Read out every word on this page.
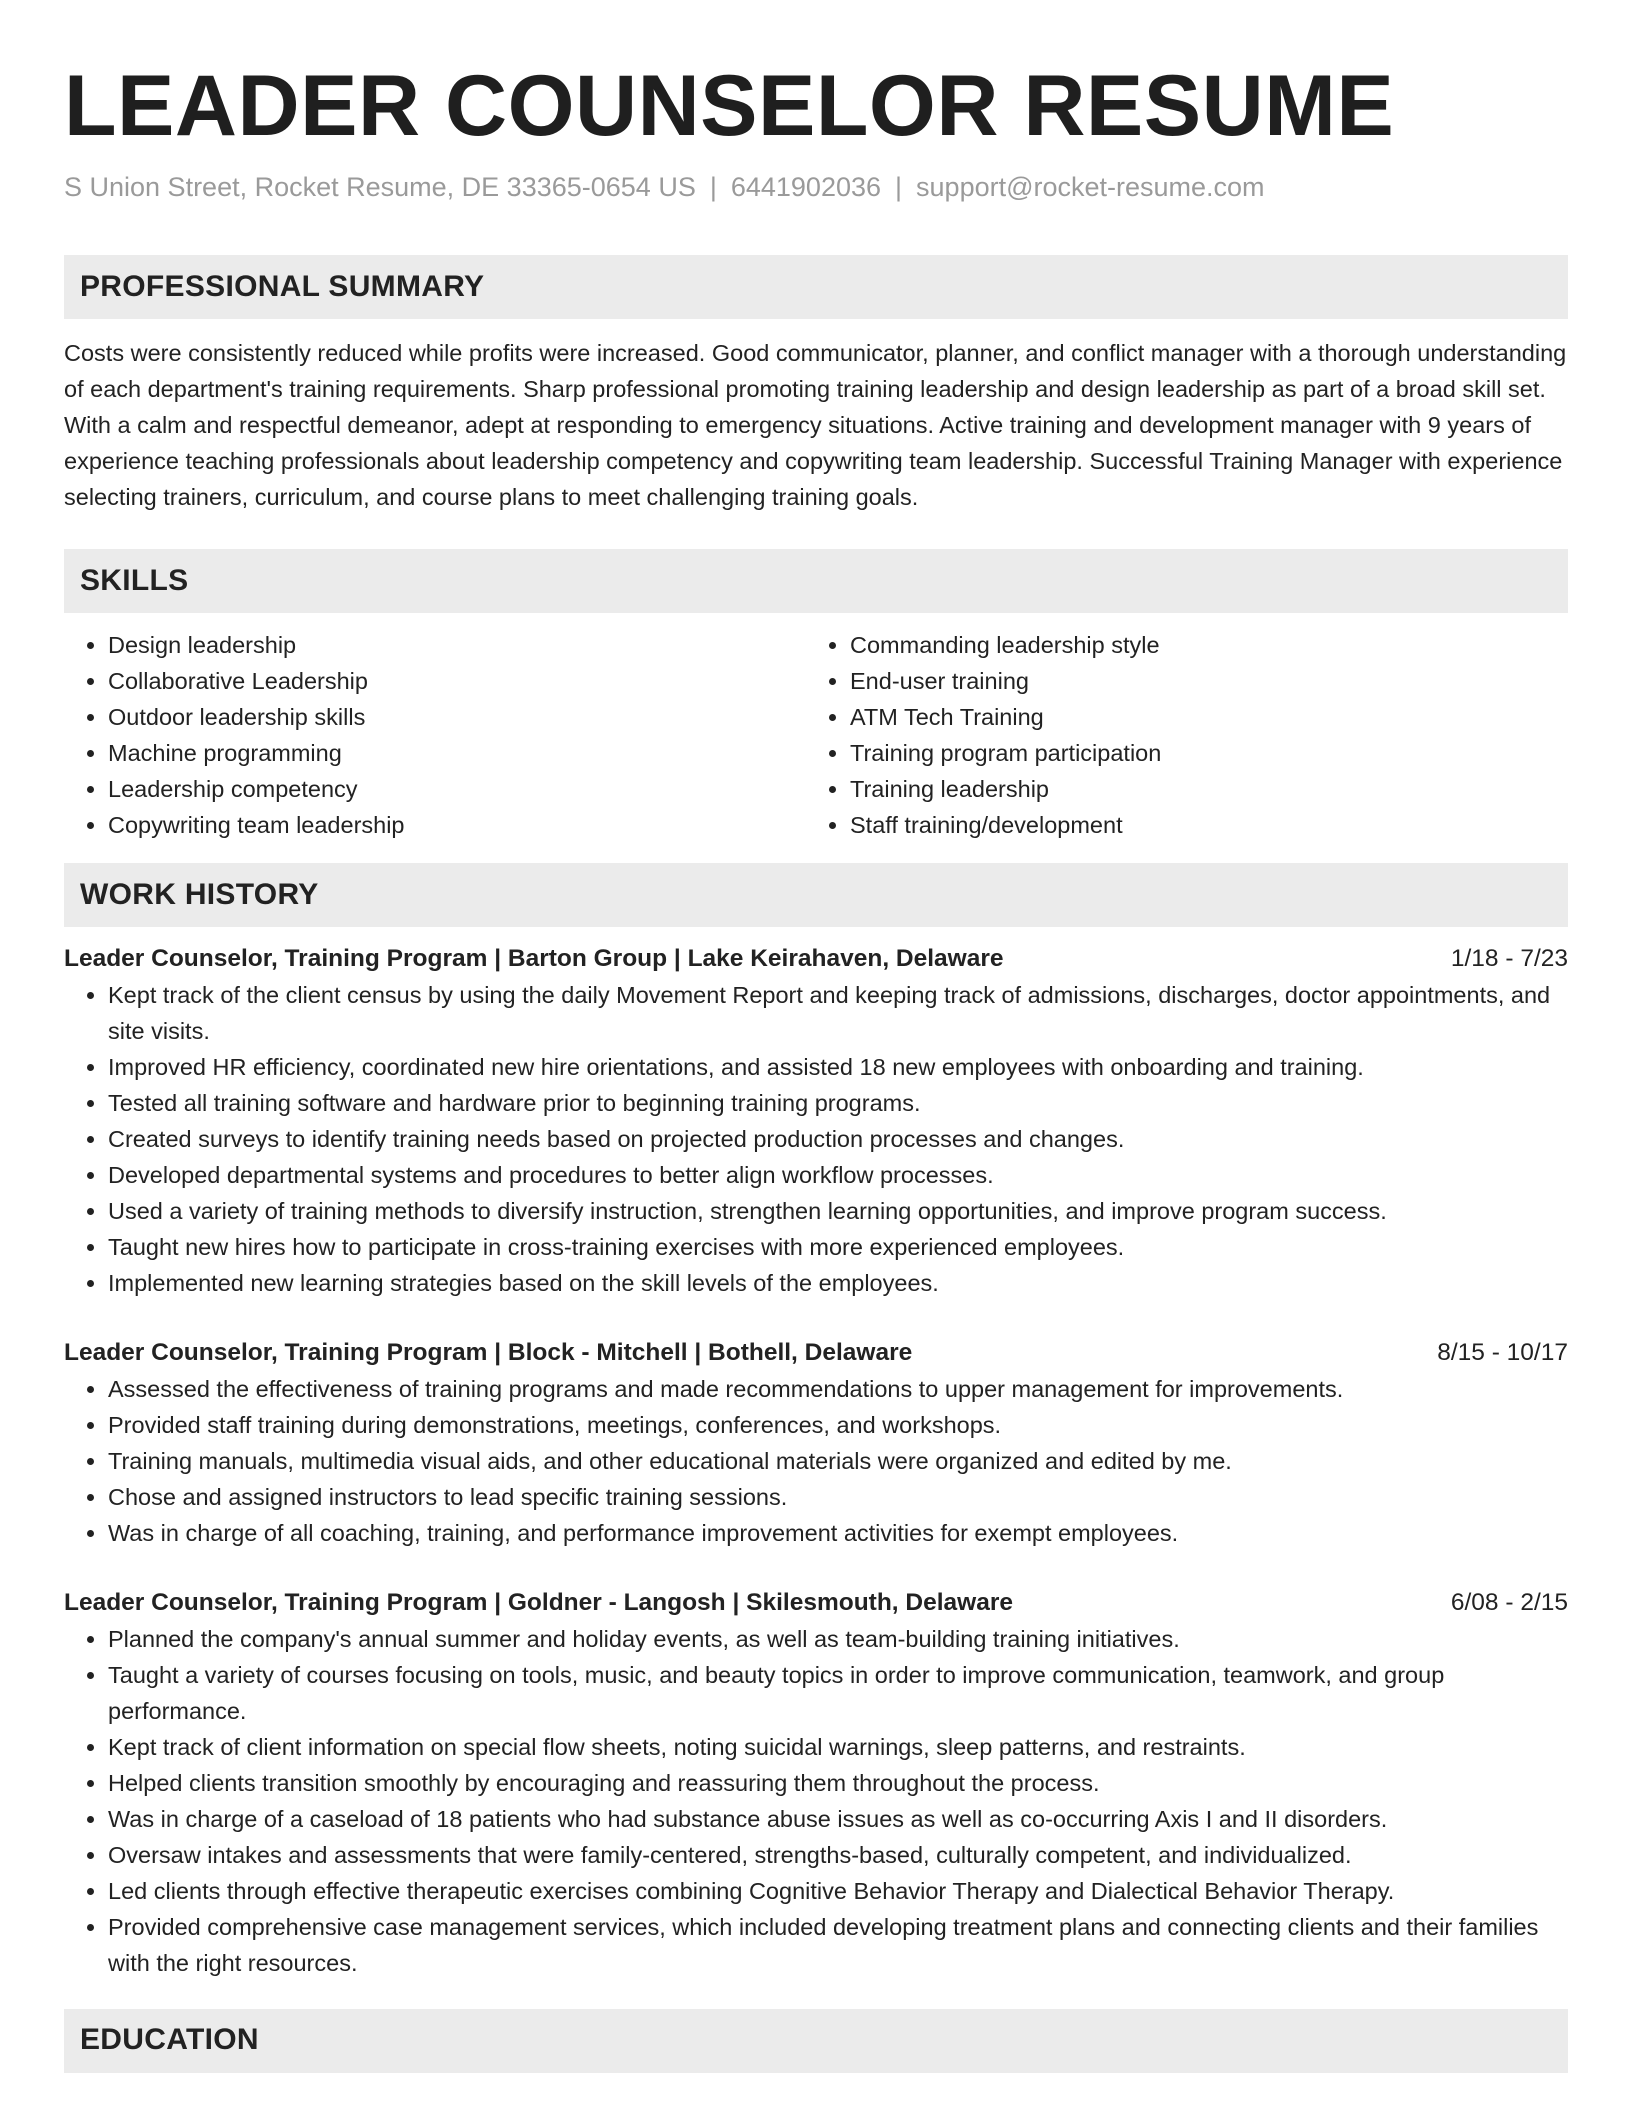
LEADER COUNSELOR RESUME
S Union Street, Rocket Resume, DE 33365-0654 US | 6441902036 | support@rocket-resume.com
PROFESSIONAL SUMMARY

Costs were consistently reduced while profits were increased. Good communicator, planner, and conflict manager with a thorough understanding of each department's training requirements. Sharp professional promoting training leadership and design leadership as part of a broad skill set. With a calm and respectful demeanor, adept at responding to emergency situations. Active training and development manager with 9 years of experience teaching professionals about leadership competency and copywriting team leadership. Successful Training Manager with experience selecting trainers, curriculum, and course plans to meet challenging training goals.

SKILLS
• Design leadership
• Collaborative Leadership
• Outdoor leadership skills
• Machine programming
• Leadership competency
• Copywriting team leadership
• Commanding leadership style
• End-user training
• ATM Tech Training
• Training program participation
• Training leadership
• Staff training/development
WORK HISTORY
Leader Counselor, Training Program | Barton Group | Lake Keirahaven, Delaware	1/18 - 7/23
• Kept track of the client census by using the daily Movement Report and keeping track of admissions, discharges, doctor appointments, and site visits.
• Improved HR efficiency, coordinated new hire orientations, and assisted 18 new employees with onboarding and training.
• Tested all training software and hardware prior to beginning training programs.
• Created surveys to identify training needs based on projected production processes and changes.
• Developed departmental systems and procedures to better align workflow processes.
• Used a variety of training methods to diversify instruction, strengthen learning opportunities, and improve program success.
• Taught new hires how to participate in cross-training exercises with more experienced employees.
• Implemented new learning strategies based on the skill levels of the employees.
Leader Counselor, Training Program | Block - Mitchell | Bothell, Delaware	8/15 - 10/17
• Assessed the effectiveness of training programs and made recommendations to upper management for improvements.
• Provided staff training during demonstrations, meetings, conferences, and workshops.
• Training manuals, multimedia visual aids, and other educational materials were organized and edited by me.
• Chose and assigned instructors to lead specific training sessions.
• Was in charge of all coaching, training, and performance improvement activities for exempt employees.
Leader Counselor, Training Program | Goldner - Langosh | Skilesmouth, Delaware	6/08 - 2/15
• Planned the company's annual summer and holiday events, as well as team-building training initiatives.
• Taught a variety of courses focusing on tools, music, and beauty topics in order to improve communication, teamwork, and group performance.
• Kept track of client information on special flow sheets, noting suicidal warnings, sleep patterns, and restraints.
• Helped clients transition smoothly by encouraging and reassuring them throughout the process.
• Was in charge of a caseload of 18 patients who had substance abuse issues as well as co-occurring Axis I and II disorders.
• Oversaw intakes and assessments that were family-centered, strengths-based, culturally competent, and individualized.
• Led clients through effective therapeutic exercises combining Cognitive Behavior Therapy and Dialectical Behavior Therapy.
• Provided comprehensive case management services, which included developing treatment plans and connecting clients and their families with the right resources.
EDUCATION
